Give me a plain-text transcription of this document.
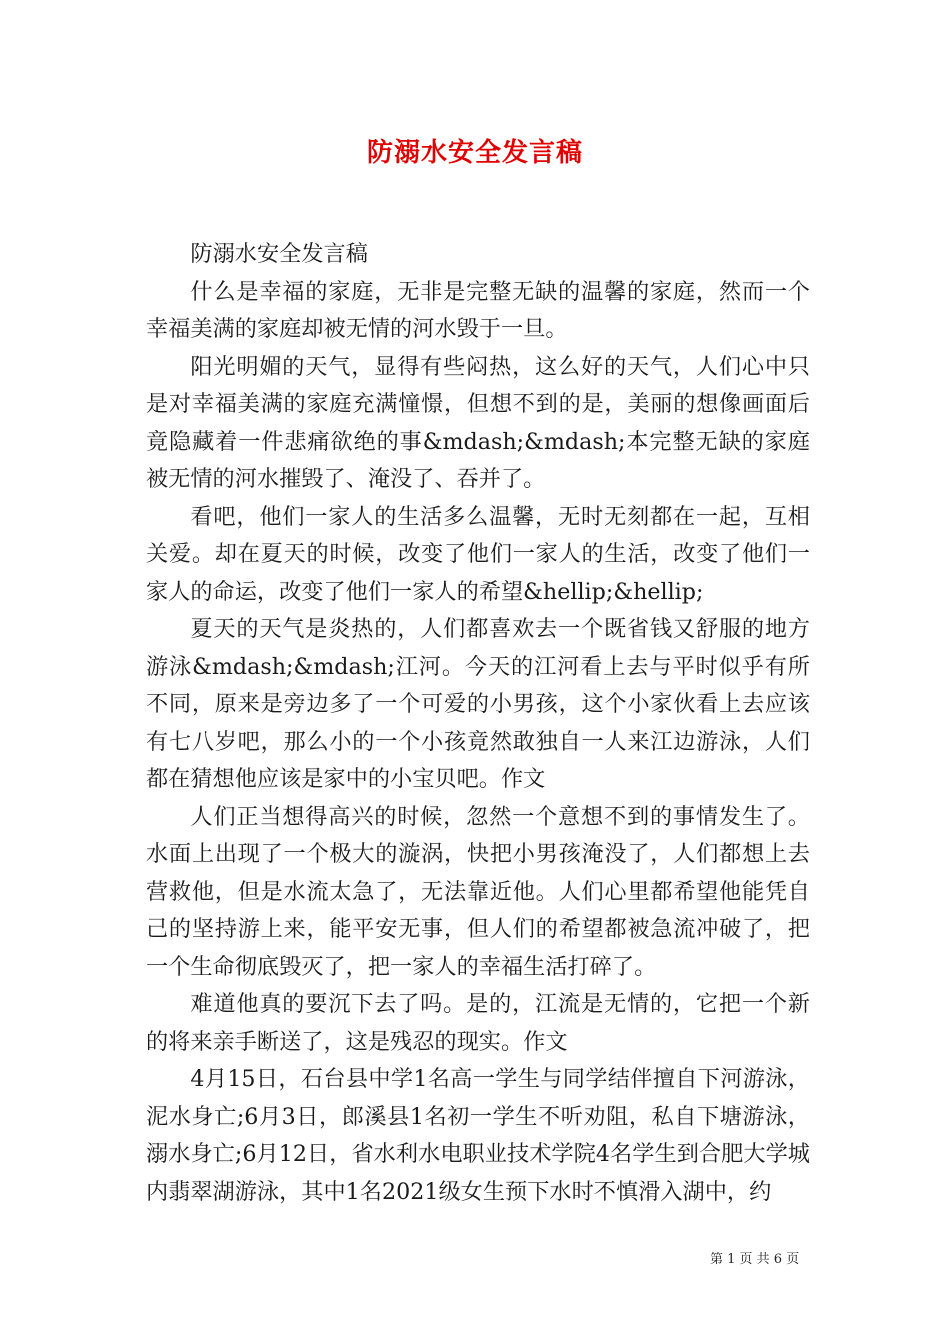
防溺水安全发言稿

防溺水安全发言稿

什么是幸福的家庭，无非是完整无缺的温馨的家庭，然而一个幸福美满的家庭却被无情的河水毁于一旦。

阳光明媚的天气，显得有些闷热，这么好的天气，人们心中只是对幸福美满的家庭充满憧憬，但想不到的是，美丽的想像画面后竟隐藏着一件悲痛欲绝的事&mdash;&mdash;本完整无缺的家庭被无情的河水摧毁了、淹没了、吞并了。

看吧，他们一家人的生活多么温馨，无时无刻都在一起，互相关爱。却在夏天的时候，改变了他们一家人的生活，改变了他们一家人的命运，改变了他们一家人的希望&hellip;&hellip;

夏天的天气是炎热的，人们都喜欢去一个既省钱又舒服的地方游泳&mdash;&mdash;江河。今天的江河看上去与平时似乎有所不同，原来是旁边多了一个可爱的小男孩，这个小家伙看上去应该有七八岁吧，那么小的一个小孩竟然敢独自一人来江边游泳，人们都在猜想他应该是家中的小宝贝吧。作文

人们正当想得高兴的时候，忽然一个意想不到的事情发生了。水面上出现了一个极大的漩涡，快把小男孩淹没了，人们都想上去营救他，但是水流太急了，无法靠近他。人们心里都希望他能凭自己的坚持游上来，能平安无事，但人们的希望都被急流冲破了，把一个生命彻底毁灭了，把一家人的幸福生活打碎了。

难道他真的要沉下去了吗。是的，江流是无情的，它把一个新的将来亲手断送了，这是残忍的现实。作文

4月15日，石台县中学1名高一学生与同学结伴擅自下河游泳，泥水身亡;6月3日，郎溪县1名初一学生不听劝阻，私自下塘游泳，溺水身亡;6月12日，省水利水电职业技术学院4名学生到合肥大学城内翡翠湖游泳，其中1名2021级女生预下水时不慎滑入湖中，约

第 1 页 共 6 页
